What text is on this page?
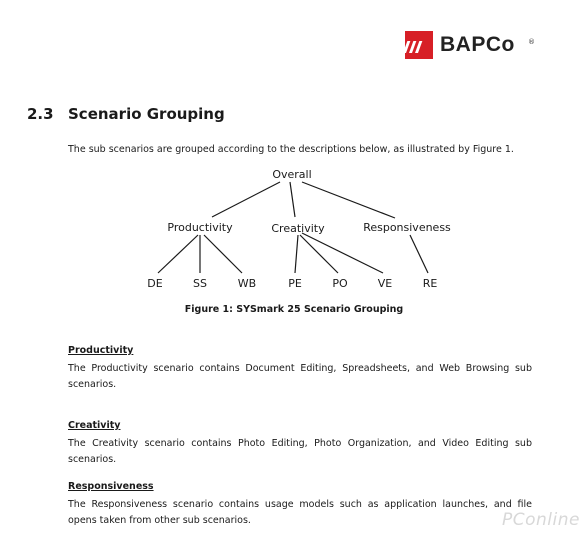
BAPCo ®
2.3 Scenario Grouping
The sub scenarios are grouped according to the descriptions below, as illustrated by Figure 1.
Overall
Productivity	Creativity	Responsiveness
DE	SS	WB	PE	PO	VE	RE
Figure 1: SYSmark 25 Scenario Grouping
Productivity
The Productivity scenario contains Document Editing, Spreadsheets, and Web Browsing sub scenarios.
Creativity
The Creativity scenario contains Photo Editing, Photo Organization, and Video Editing sub scenarios.
Responsiveness
The Responsiveness scenario contains usage models such as application launches, and file opens taken from other sub scenarios.	PConline
